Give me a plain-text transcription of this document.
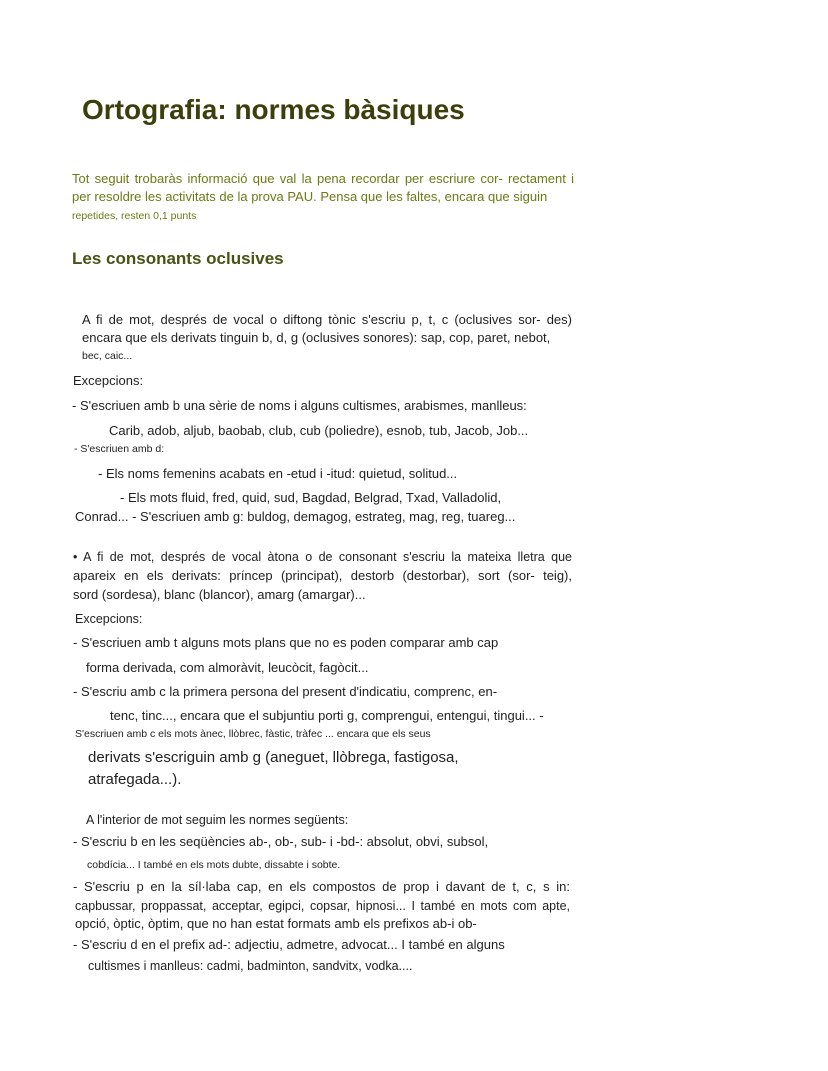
Ortografia: normes bàsiques
Tot seguit trobaràs informació que val la pena recordar per escriure cor- rectament i
per resoldre les activitats de la prova PAU. Pensa que les faltes, encara que siguin
repetides, resten 0,1 punts
Les consonants oclusives
A fi de mot, després de vocal o diftong tònic s'escriu p, t, c (oclusives sor- des)
encara que els derivats tinguin b, d, g (oclusives sonores): sap, cop, paret, nebot,
bec, caic...
Excepcions:
- S'escriuen amb b una sèrie de noms i alguns cultismes, arabismes, manlleus:
Carib, adob, aljub, baobab, club, cub (poliedre), esnob, tub, Jacob, Job...
- S'escriuen amb d:
- Els noms femenins acabats en -etud i -itud: quietud, solitud...
- Els mots fluid, fred, quid, sud, Bagdad, Belgrad, Txad, Valladolid,
Conrad... - S'escriuen amb g: buldog, demagog, estrateg, mag, reg, tuareg...
• A fi de mot, després de vocal àtona o de consonant s'escriu la mateixa lletra que
apareix en els derivats: príncep (principat), destorb (destorbar), sort (sor- teig),
sord (sordesa), blanc (blancor), amarg (amargar)...
Excepcions:
- S'escriuen amb t alguns mots plans que no es poden comparar amb cap
forma derivada, com almoràvit, leucòcit, fagòcit...
- S'escriu amb c la primera persona del present d'indicatiu, comprenc, en-
tenc, tinc..., encara que el subjuntiu porti g, comprengui, entengui, tingui... -
S'escriuen amb c els mots ànec, llòbrec, fàstic, tràfec ... encara que els seus
derivats s'escriguin amb g (aneguet, llòbrega, fastigosa,
atrafegada...).
A l'interior de mot seguim les normes següents:
- S'escriu b en les seqüències ab-, ob-, sub- i -bd-: absolut, obvi, subsol,
cobdícia... I també en els mots dubte, dissabte i sobte.
- S'escriu p en la síl·laba cap, en els compostos de prop i davant de t, c, s in:
capbussar, proppassat, acceptar, egipci, copsar, hipnosi... I també en mots com apte,
opció, òptic, òptim, que no han estat formats amb els prefixos ab-i ob-
- S'escriu d en el prefix ad-: adjectiu, admetre, advocat... I també en alguns
cultismes i manlleus: cadmi, badminton, sandvitx, vodka....
